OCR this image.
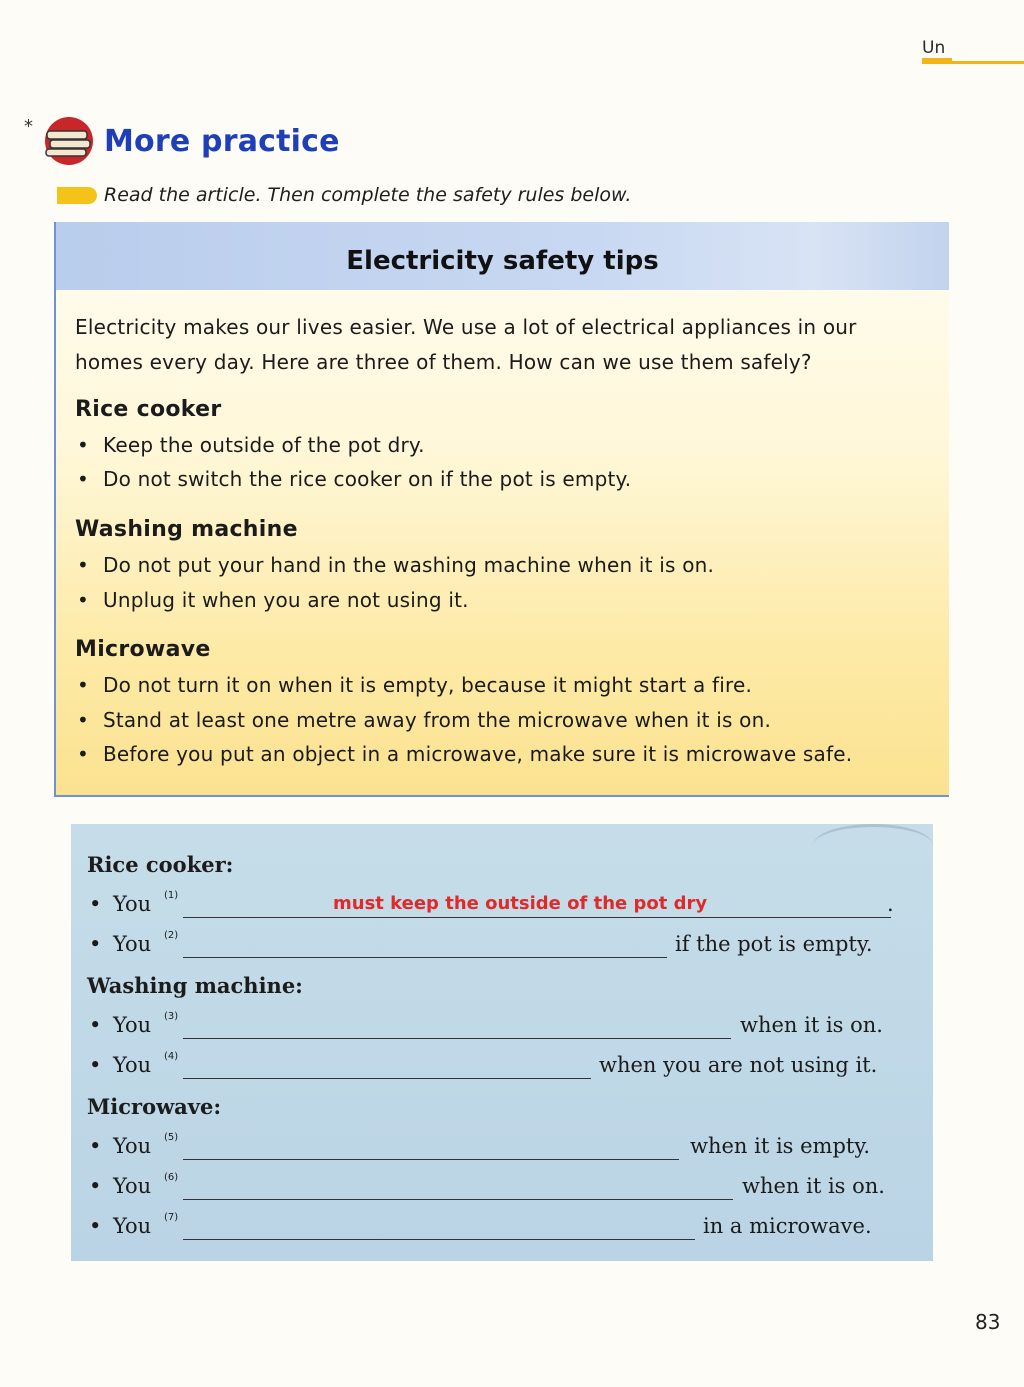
Un
* More practice
Read the article. Then complete the safety rules below.
Electricity safety tips
Electricity makes our lives easier. We use a lot of electrical appliances in our
homes every day. Here are three of them. How can we use them safely?
Rice cooker
• Keep the outside of the pot dry.
• Do not switch the rice cooker on if the pot is empty.
Washing machine
• Do not put your hand in the washing machine when it is on.
• Unplug it when you are not using it.
Microwave
• Do not turn it on when it is empty, because it might start a fire.
• Stand at least one metre away from the microwave when it is on.
• Before you put an object in a microwave, make sure it is microwave safe.
Rice cooker:
• You (1)	must keep the outside of the pot dry	.
• You (2)	if the pot is empty.
Washing machine:
• You (3)	when it is on.
• You (4)	when you are not using it.
Microwave:
• You (5)	when it is empty.
• You (6)	when it is on.
• You (7)	in a microwave.
83
